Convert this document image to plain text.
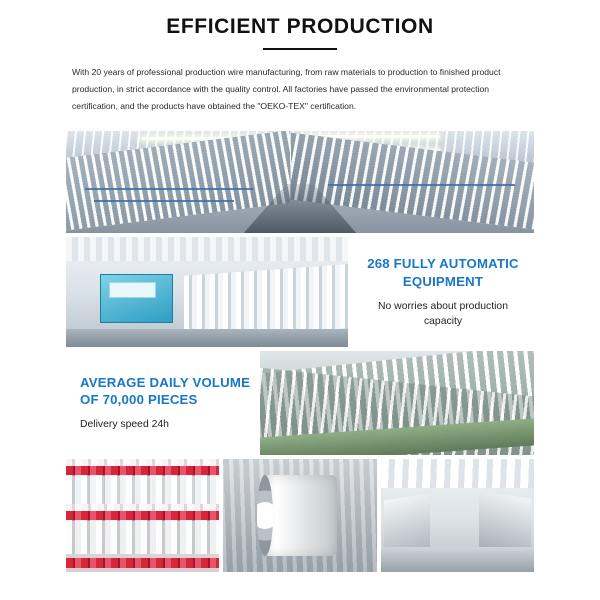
EFFICIENT PRODUCTION

With 20 years of professional production wire manufacturing, from raw materials to production to finished product production, in strict accordance with the quality control. All factories have passed the environmental protection certification, and the products have obtained the "OEKO-TEX" certification.

268 FULLY AUTOMATIC EQUIPMENT
No worries about production capacity
AVERAGE DAILY VOLUME OF 70,000 PIECES
Delivery speed 24h
